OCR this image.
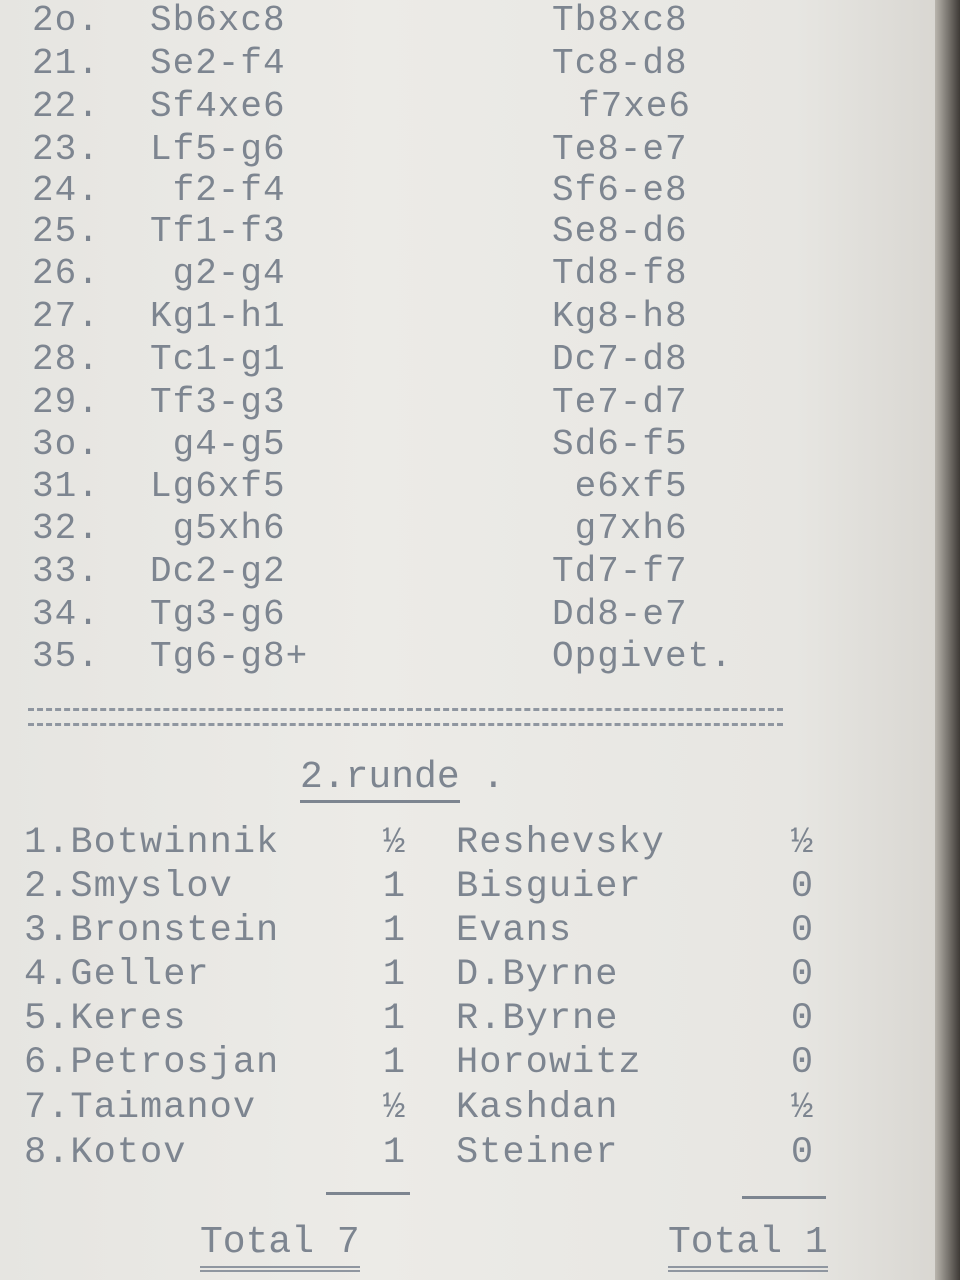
2o. Sb6xc8	Tb8xc8
21. Se2-f4	Tc8-d8
22. Sf4xe6	f7xe6
23. Lf5-g6	Te8-e7
24. f2-f4	Sf6-e8
25. Tf1-f3	Se8-d6
26. g2-g4	Td8-f8
27. Kg1-h1	Kg8-h8
28. Tc1-g1	Dc7-d8
29. Tf3-g3	Te7-d7
3o. g4-g5	Sd6-f5
31. Lg6xf5	e6xf5
32. g5xh6	g7xh6
33. Dc2-g2	Td7-f7
34. Tg3-g6	Dd8-e7
35. Tg6-g8+	Opgivet.
2.runde .
1.Botwinnik	½ Reshevsky	½
2.Smyslov	1 Bisguier	0
3.Bronstein	1 Evans	0
4.Geller	1 D.Byrne	0
5.Keres	1 R.Byrne	0
6.Petrosjan	1 Horowitz	0
7.Taimanov	½ Kashdan	½
8.Kotov	1 Steiner	0
Total 7	Total 1
